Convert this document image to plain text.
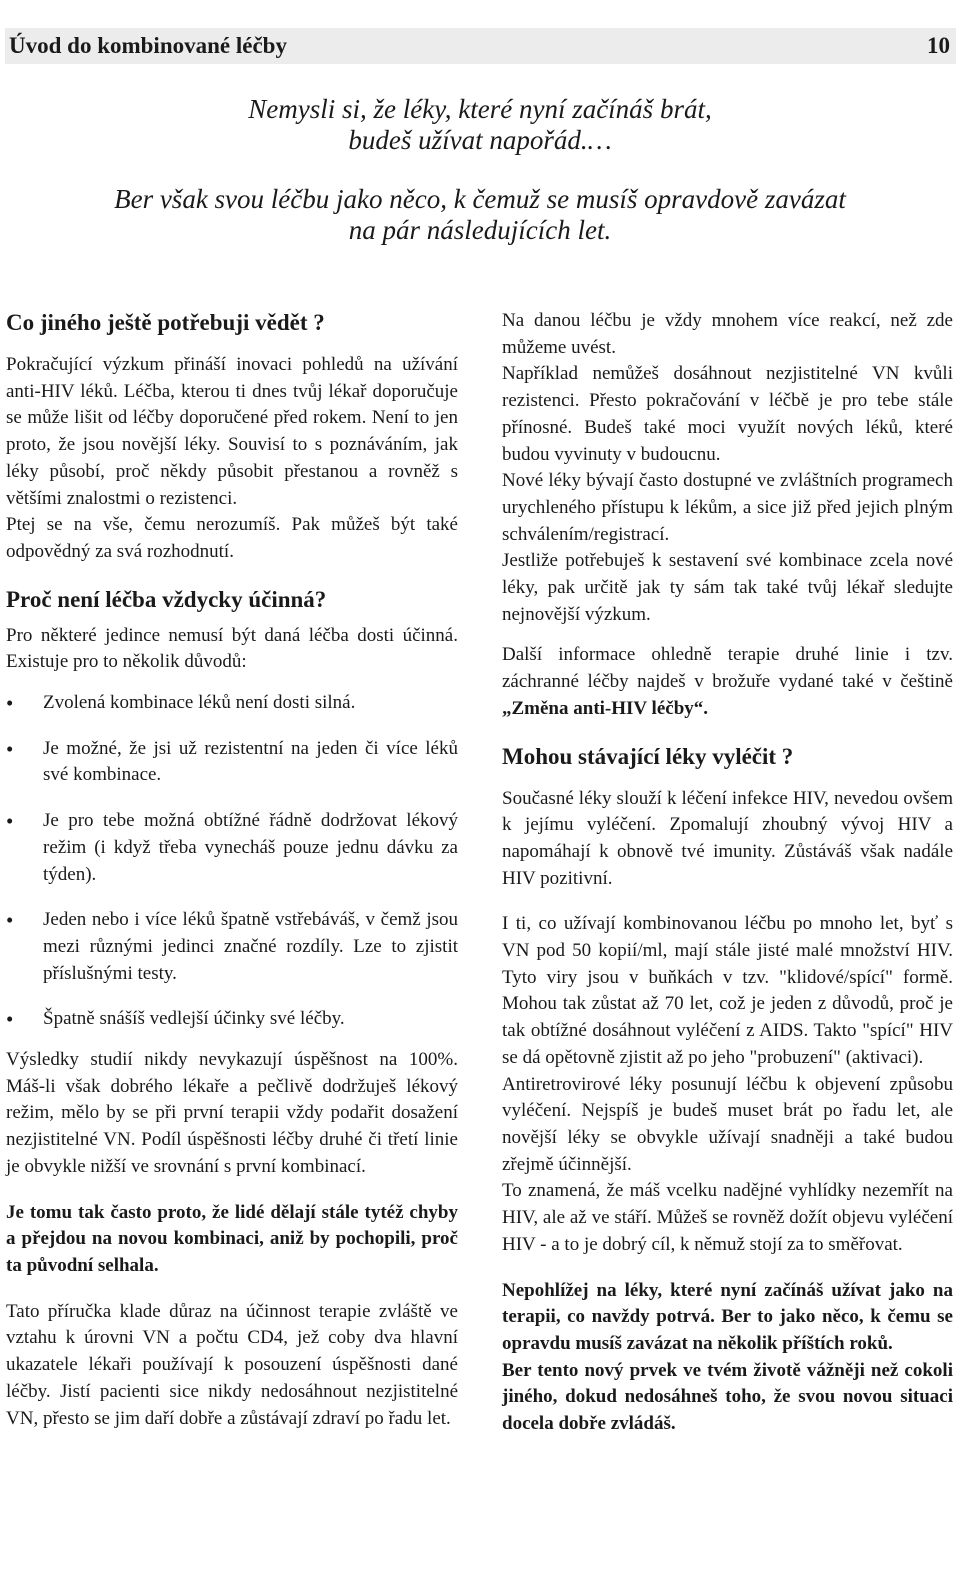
Úvod do kombinované léčby	10
Nemysli si, že léky, které nyní začínáš brát,
budeš užívat napořád.…
Ber však svou léčbu jako něco, k čemuž se musíš opravdově zavázat
na pár následujících let.
Co jiného ještě potřebuji vědět ?

Pokračující výzkum přináší inovaci pohledů na užívání anti-HIV léků. Léčba, kterou ti dnes tvůj lékař doporučuje se může lišit od léčby doporučené před rokem. Není to jen proto, že jsou novější léky. Souvisí to s poznáváním, jak léky působí, proč někdy působit přestanou a rovněž s většími znalostmi o rezistenci.

Ptej se na vše, čemu nerozumíš. Pak můžeš být také odpovědný za svá rozhodnutí.

Proč není léčba vždycky účinná?

Pro některé jedince nemusí být daná léčba dosti účinná. Existuje pro to několik důvodů:

• Zvolená kombinace léků není dosti silná.
• Je možné, že jsi už rezistentní na jeden či více léků své kombinace.
• Je pro tebe možná obtížné řádně dodržovat lékový režim (i když třeba vynecháš pouze jednu dávku za týden).
• Jeden nebo i více léků špatně vstřebáváš, v čemž jsou mezi různými jedinci značné rozdíly. Lze to zjistit příslušnými testy.
• Špatně snášíš vedlejší účinky své léčby.

Výsledky studií nikdy nevykazují úspěšnost na 100%. Máš-li však dobrého lékaře a pečlivě dodržuješ lékový režim, mělo by se při první terapii vždy podařit dosažení nezjistitelné VN. Podíl úspěšnosti léčby druhé či třetí linie je obvykle nižší ve srovnání s první kombinací.

Je tomu tak často proto, že lidé dělají stále tytéž chyby a přejdou na novou kombinaci, aniž by pochopili, proč ta původní selhala.

Tato příručka klade důraz na účinnost terapie zvláště ve vztahu k úrovni VN a počtu CD4, jež coby dva hlavní ukazatele lékaři používají k posouzení úspěšnosti dané léčby. Jistí pacienti sice nikdy nedosáhnout nezjistitelné VN, přesto se jim daří dobře a zůstávají zdraví po řadu let.

Na danou léčbu je vždy mnohem více reakcí, než zde můžeme uvést.

Například nemůžeš dosáhnout nezjistitelné VN kvůli rezistenci. Přesto pokračování v léčbě je pro tebe stále přínosné. Budeš také moci využít nových léků, které budou vyvinuty v budoucnu.

Nové léky bývají často dostupné ve zvláštních programech urychleného přístupu k lékům, a sice již před jejich plným schválením/registrací.

Jestliže potřebuješ k sestavení své kombinace zcela nové léky, pak určitě jak ty sám tak také tvůj lékař sledujte nejnovější výzkum.

Další informace ohledně terapie druhé linie i tzv. záchranné léčby najdeš v brožuře vydané také v češtině „Změna anti-HIV léčby“.

Mohou stávající léky vyléčit ?

Současné léky slouží k léčení infekce HIV, nevedou ovšem k jejímu vyléčení. Zpomalují zhoubný vývoj HIV a napomáhají k obnově tvé imunity. Zůstáváš však nadále HIV pozitivní.

I ti, co užívají kombinovanou léčbu po mnoho let, byť s VN pod 50 kopií/ml, mají stále jisté malé množství HIV. Tyto viry jsou v buňkách v tzv. "klidové/spící" formě. Mohou tak zůstat až 70 let, což je jeden z důvodů, proč je tak obtížné dosáhnout vyléčení z AIDS. Takto "spící" HIV se dá opětovně zjistit až po jeho "probuzení" (aktivaci).

Antiretrovirové léky posunují léčbu k objevení způsobu vyléčení. Nejspíš je budeš muset brát po řadu let, ale novější léky se obvykle užívají snadněji a také budou zřejmě účinnější.

To znamená, že máš vcelku nadějné vyhlídky nezemřít na HIV, ale až ve stáří. Můžeš se rovněž dožít objevu vyléčení HIV - a to je dobrý cíl, k němuž stojí za to směřovat.

Nepohlížej na léky, které nyní začínáš užívat jako na terapii, co navždy potrvá. Ber to jako něco, k čemu se opravdu musíš zavázat na několik příštích roků.

Ber tento nový prvek ve tvém životě vážněji než cokoli jiného, dokud nedosáhneš toho, že svou novou situaci docela dobře zvládáš.
